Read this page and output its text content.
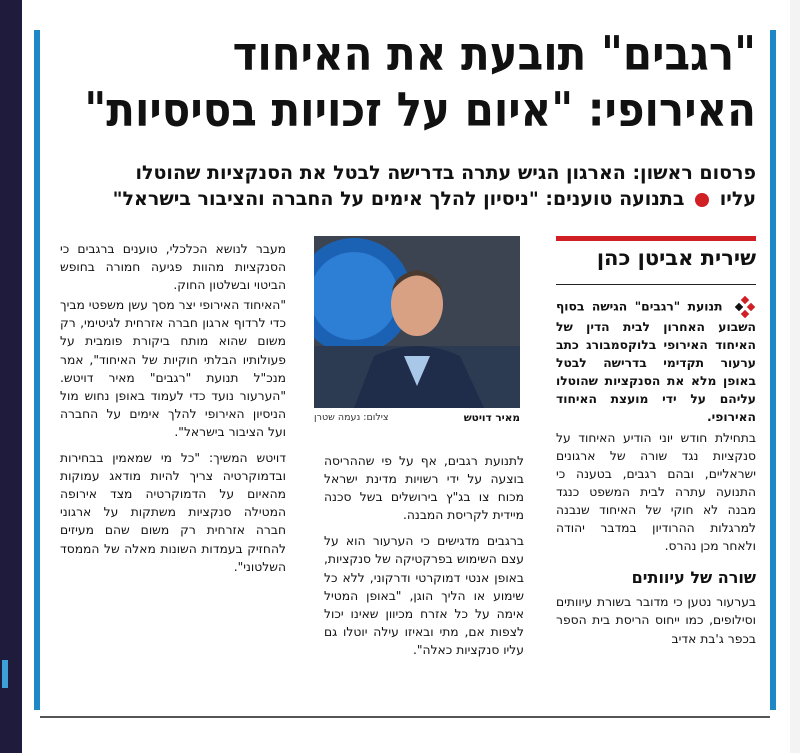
"רגבים" תובעת את האיחוד
האירופי: "איום על זכויות בסיסיות"
פרסום ראשון: הארגון הגיש עתרה בדרישה לבטל את הסנקציות שהוטלו
עליו  בתנועה טוענים: "ניסיון להלך אימים על החברה והציבור בישראל"
שירית אביטן כהן

תנועת "רגבים" הגישה בסוף השבוע האחרון לבית הדין של האיחוד האירופי בלוקסמבורג כתב ערעור תקדימי בדרישה לבטל באופן מלא את הסנקציות שהוטלו עליהם על ידי מועצת האיחוד האירופי.

בתחילת חודש יוני הודיע האיחוד על סנקציות נגד שורה של ארגונים ישראליים, ובהם רגבים, בטענה כי התנועה עתרה לבית המשפט כנגד מבנה לא חוקי של האיחוד שנבנה למרגלות ההרודיון במדבר יהודה ולאחר מכן נהרס.

שורה של עיוותים

בערעור נטען כי מדובר בשורת עיוותים וסילופים, כמו ייחוס הריסת בית הספר בכפר ג'בת אדיב

מאיר דויטש
צילום: נעמה שטרן

לתנועת רגבים, אף על פי שההריסה בוצעה על ידי רשויות מדינת ישראל מכוח צו בג"ץ בירושלים בשל סכנה מיידית לקריסת המבנה.

ברגבים מדגישים כי הערעור הוא על עצם השימוש בפרקטיקה של סנקציות, באופן אנטי דמוקרטי ודרקוני, ללא כל שימוע או הליך הוגן, "באופן המטיל אימה על כל אזרח מכיוון שאינו יכול לצפות אם, מתי ובאיזו עילה יוטלו גם עליו סנקציות כאלה".

מעבר לנושא הכלכלי, טוענים ברגבים כי הסנקציות מהוות פגיעה חמורה בחופש הביטוי ובשלטון החוק.

"האיחוד האירופי יצר מסך עשן משפטי מביך כדי לרדוף ארגון חברה אזרחית לגיטימי, רק משום שהוא מותח ביקורת פומבית על פעולותיו הבלתי חוקיות של האיחוד", אמר מנכ"ל תנועת "רגבים" מאיר דויטש. "הערעור נועד כדי לעמוד באופן נחוש מול הניסיון האירופי להלך אימים על החברה ועל הציבור בישראל".

דויטש המשיך: "כל מי שמאמין בבחירות ובדמוקרטיה צריך להיות מודאג עמוקות מהאיום על הדמוקרטיה מצד אירופה המטילה סנקציות משתקות על ארגוני חברה אזרחית רק משום שהם מעיזים להחזיק בעמדות השונות מאלה של הממסד השלטוני".
